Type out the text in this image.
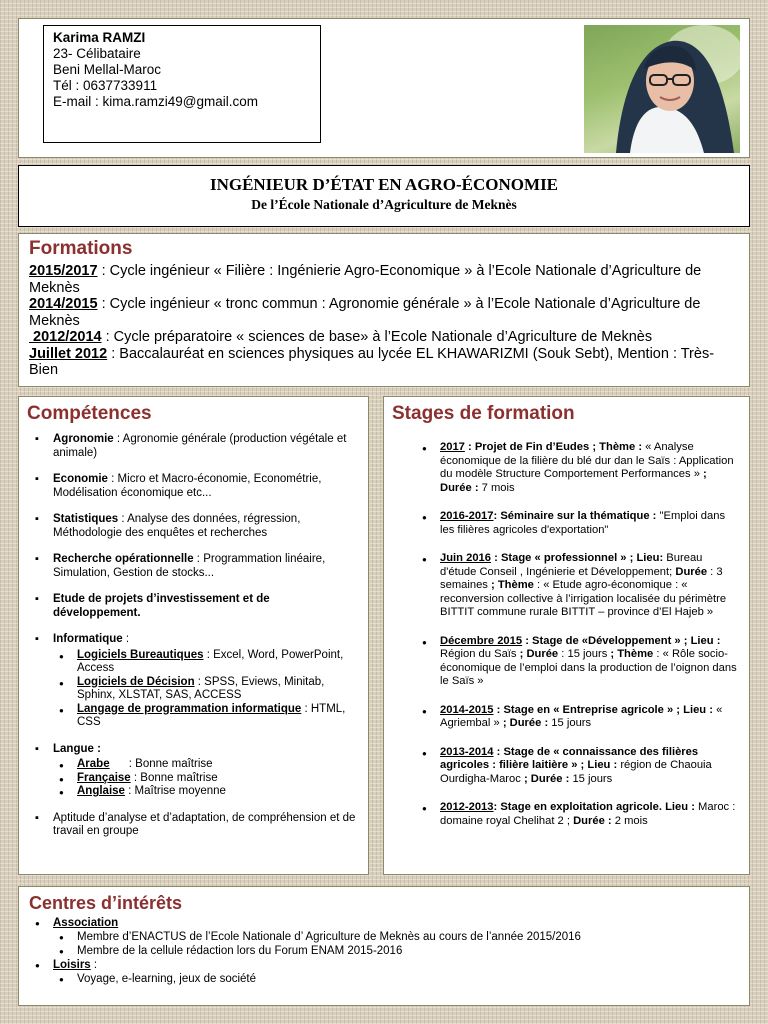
Karima RAMZI
23- Célibataire
Beni Mellal-Maroc
Tél : 0637733911
E-mail : kima.ramzi49@gmail.com
INGÉNIEUR D’ÉTAT EN AGRO-ÉCONOMIE
De l’École Nationale d’Agriculture de Meknès
Formations
2015/2017 : Cycle ingénieur « Filière : Ingénierie Agro-Economique » à l’Ecole Nationale d’Agriculture de Meknès
2014/2015 : Cycle ingénieur « tronc commun : Agronomie générale » à l’Ecole Nationale d’Agriculture de Meknès
2012/2014 : Cycle préparatoire « sciences de base» à l’Ecole Nationale d’Agriculture de Meknès
Juillet 2012 : Baccalauréat en sciences physiques au lycée EL KHAWARIZMI (Souk Sebt), Mention : Très-Bien
Compétences
▪ Agronomie : Agronomie générale (production végétale et animale)
▪ Economie : Micro et Macro-économie, Econométrie, Modélisation économique etc...
▪ Statistiques : Analyse des données, régression, Méthodologie des enquêtes et recherches
▪ Recherche opérationnelle : Programmation linéaire, Simulation, Gestion de stocks...
▪ Etude de projets d’investissement et de développement.
▪ Informatique :
● Logiciels Bureautiques : Excel, Word, PowerPoint, Access
● Logiciels de Décision : SPSS, Eviews, Minitab, Sphinx, XLSTAT, SAS, ACCESS
● Langage de programmation informatique : HTML, CSS
▪ Langue :
● Arabe      : Bonne maîtrise
● Française : Bonne maîtrise
● Anglaise : Maîtrise moyenne
▪ Aptitude d’analyse et d’adaptation, de compréhension et de travail en groupe
Stages de formation
● 2017 : Projet de Fin d’Eudes ; Thème : « Analyse économique de la filière du blé dur dan le Saïs : Application du modèle Structure Comportement Performances » ; Durée : 7 mois
● 2016-2017: Séminaire sur la thématique : "Emploi dans les filières agricoles d'exportation"
● Juin 2016 : Stage « professionnel » ; Lieu: Bureau d'étude Conseil , Ingénierie et Développement; Durée : 3 semaines ; Thème : « Etude agro-économique : « reconversion collective à l’irrigation localisée du périmètre BITTIT commune rurale BITTIT – province d’El Hajeb »
● Décembre 2015 : Stage de «Développement » ; Lieu : Région du Saïs ; Durée : 15 jours ; Thème : « Rôle socio-économique de l’emploi dans la production de l’oignon dans le Saïs »
● 2014-2015 : Stage en « Entreprise agricole » ; Lieu : « Agriembal » ; Durée : 15 jours
● 2013-2014 : Stage de « connaissance des filières agricoles : filière laitière » ; Lieu : région de Chaouia Ourdigha-Maroc ; Durée : 15 jours
● 2012-2013: Stage en exploitation agricole. Lieu : Maroc : domaine royal Chelihat 2 ; Durée : 2 mois
Centres d’intérêts
● Association
● Membre d’ENACTUS de l’Ecole Nationale d’ Agriculture de Meknès au cours de l’année 2015/2016
● Membre de la cellule rédaction lors du Forum ENAM 2015-2016
● Loisirs :
● Voyage, e-learning, jeux de société
